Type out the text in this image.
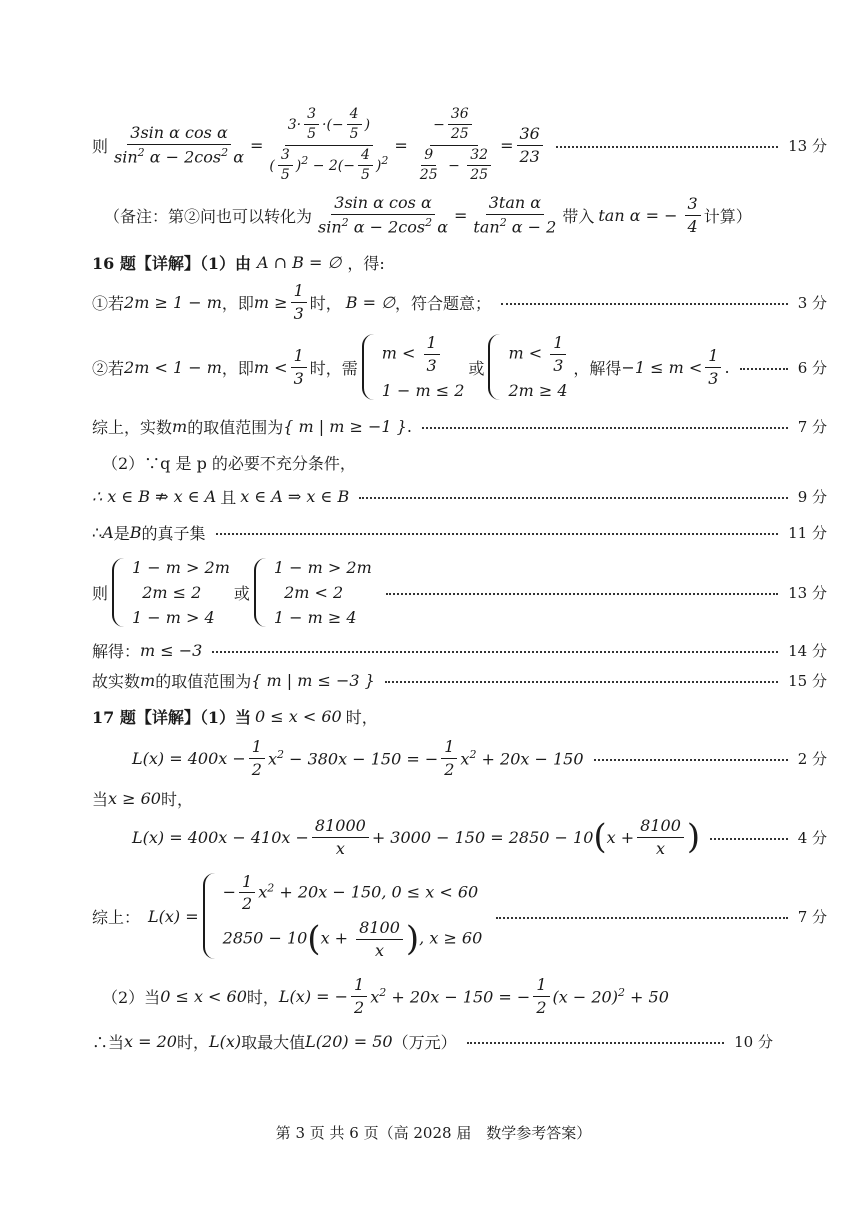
则 $\frac{\text{3sin α cos α}}{\sin^2 \alpha - 2\cos^2 \alpha} = \frac{3\cdot \frac{3}{5} \cdot(- \frac{4}{5} )}{( \frac{3}{5} )^2 - 2(- \frac{4}{5} )^2} = \frac{- \frac{36}{25}}{\frac{9}{25} - \frac{32}{25}} = \frac{36}{23}$	13 分
（备注：第②问也可以转化为 $\frac{\text{3sin α cos α}}{\sin^2 \alpha - 2\cos^2 \alpha} = \frac{\text{3tan α}}{\tan^2 \alpha - 2}$ 带入 tan α = − $\frac{3}{4}$ 计算）
16 题【详解】（1）由 A ∩ B = ∅ ，得:
①若 2m ≥ 1 − m ，即 $m \ge \frac{1}{3}$ 时， B = ∅ ，符合题意；	3 分
②若 2m < 1 − m ，即 $m < \frac{1}{3}$ 时，需
$m < \frac{1}{3}$
1 − m ≤ 2
或
$m < \frac{1}{3}$
2m ≥ 4
，解得 $-1 \le m < \frac{1}{3}$ .	6 分
综上，实数 m 的取值范围为 { m | m ≥ −1 } .	7 分
（2）∵q 是 p 的必要不充分条件，
∴ x ∈ B ⇏ x ∈ A 且 x ∈ A ⇒ x ∈ B	9 分
∴ A 是 B 的真子集	11 分
则
1 − m > 2m
2m ≤ 2
1 − m > 4
或
1 − m > 2m
2m < 2
1 − m ≥ 4
13 分
解得： m ≤ −3	14 分
故实数 m 的取值范围为 { m | m ≤ −3 }	15 分
17 题【详解】（1）当 0 ≤ x < 60 时，
$L(x) = 400x - \frac{1}{2} x^2 - 380x - 150$ = − $\frac{1}{2} x^2 + 20x - 150$	2 分
当 x ≥ 60 时，
$L(x) = 400x - 410x - \frac{81000}{x} + 3000 - 150 = 2850 - 10$ ( $x + \frac{8100}{x}$ )	4 分
综上： L(x) =
− $\frac{1}{2} x^2 + 20x - 150$, 0 ≤ x < 60
$2850 - 10(x + \frac{8100}{x}$ ), x ≥ 60
7 分
（2）当 0 ≤ x < 60 时， L(x) = − $\frac{1}{2} x^2 + 20x - 150$ = − $\frac{1}{2} (x - 20)^2 + 50$
∴当 x = 20 时， L(x) 取最大值 L(20) = 50 （万元）	10 分
第 3 页 共 6 页（高 2028 届　数学参考答案）
